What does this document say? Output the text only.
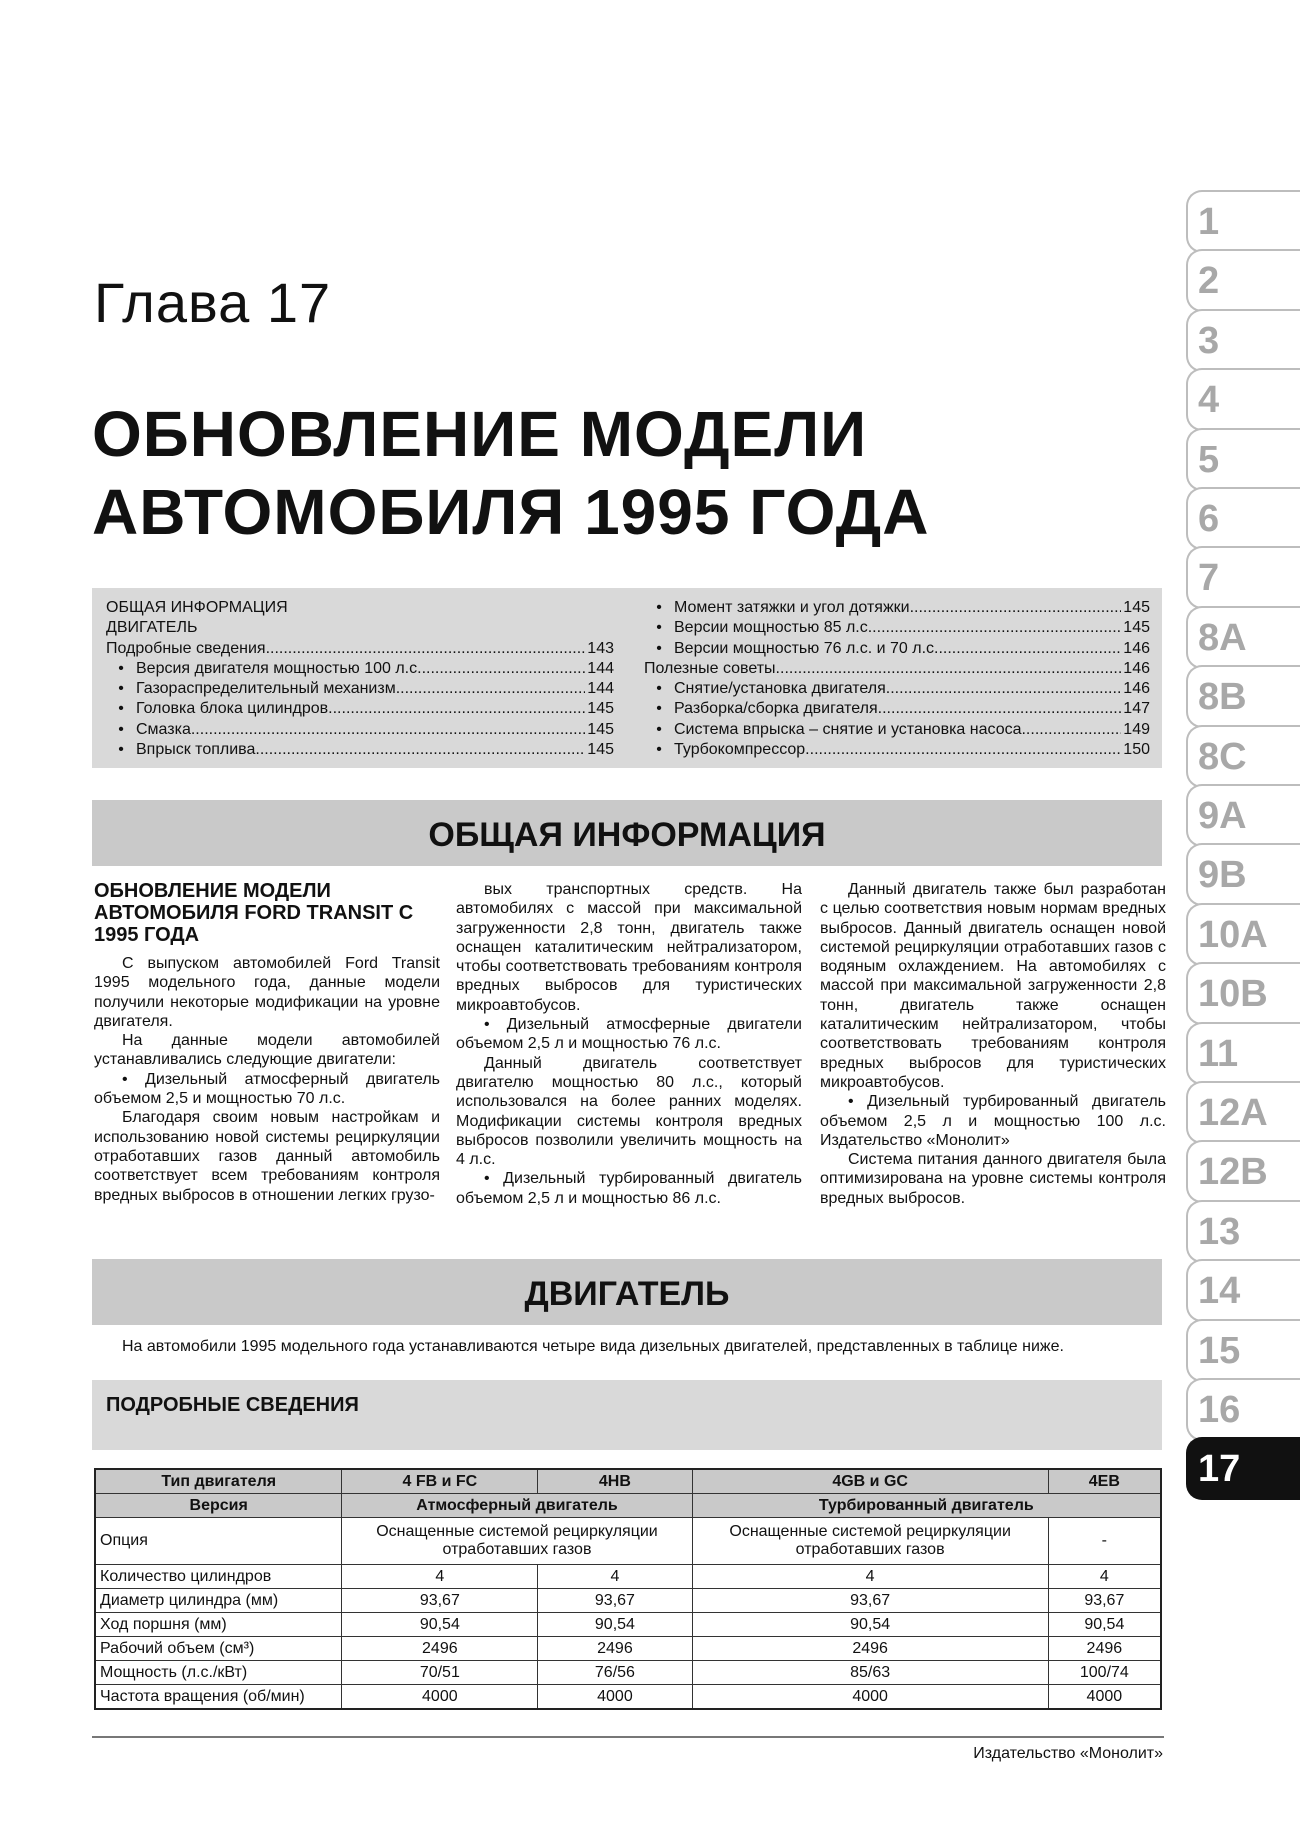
Глава 17
ОБНОВЛЕНИЕ МОДЕЛИ
АВТОМОБИЛЯ 1995 ГОДА
ОБЩАЯ ИНФОРМАЦИЯ
ДВИГАТЕЛЬ
Подробные сведения .....	143
• Версия двигателя мощностью 100 л.с. .....	144
• Газораспределительный механизм .....	144
• Головка блока цилиндров .....	145
• Смазка .....	145
• Впрыск топлива .....	145
• Момент затяжки и угол дотяжки .....	145
• Версии мощностью 85 л.с. .....	145
• Версии мощностью 76 л.с. и 70 л.с. .....	146
Полезные советы .....	146
• Снятие/установка двигателя .....	146
• Разборка/сборка двигателя .....	147
• Система впрыска – снятие и установка насоса .....	149
• Турбокомпрессор .....	150
ОБЩАЯ ИНФОРМАЦИЯ

ОБНОВЛЕНИЕ МОДЕЛИ АВТОМОБИЛЯ FORD TRANSIT С 1995 ГОДА

С выпуском автомобилей Ford Transit 1995 модельного года, данные модели получили некоторые модификации на уровне двигателя.

На данные модели автомобилей устанавливались следующие двигатели:

• Дизельный атмосферный двигатель объемом 2,5 и мощностью 70 л.с.

Благодаря своим новым настройкам и использованию новой системы рециркуляции отработавших газов данный автомобиль соответствует всем требованиям контроля вредных выбросов в отношении легких грузо-

вых транспортных средств. На автомобилях с массой при максимальной загруженности 2,8 тонн, двигатель также оснащен каталитическим нейтрализатором, чтобы соответствовать требованиям контроля вредных выбросов для туристических микроавтобусов.

• Дизельный атмосферные двигатели объемом 2,5 л и мощностью 76 л.с.

Данный двигатель соответствует двигателю мощностью 80 л.с., который использовался на более ранних моделях. Модификации системы контроля вредных выбросов позволили увеличить мощность на 4 л.с.

• Дизельный турбированный двигатель объемом 2,5 л и мощностью 86 л.с.

Данный двигатель также был разработан с целью соответствия новым нормам вредных выбросов. Данный двигатель оснащен новой системой рециркуляции отработавших газов с водяным охлаждением. На автомобилях с массой при максимальной загруженности 2,8 тонн, двигатель также оснащен каталитическим нейтрализатором, чтобы соответствовать требованиям контроля вредных выбросов для туристических микроавтобусов.

• Дизельный турбированный двигатель объемом 2,5 л и мощностью 100 л.с. Издательство «Монолит»

Система питания данного двигателя была оптимизирована на уровне системы контроля вредных выбросов.

ДВИГАТЕЛЬ
На автомобили 1995 модельного года устанавливаются четыре вида дизельных двигателей, представленных в таблице ниже.
ПОДРОБНЫЕ СВЕДЕНИЯ
Тип двигателя	4 FB и FC	4HB	4GB и GC	4EB
Версия	Атмосферный двигатель		Турбированный двигатель	
Опция	Оснащенные системой рециркуляции отработавших газов		Оснащенные системой рециркуляции отработавших газов	-
Количество цилиндров	4	4	4	4
Диаметр цилиндра (мм)	93,67	93,67	93,67	93,67
Ход поршня (мм)	90,54	90,54	90,54	90,54
Рабочий объем (см³)	2496	2496	2496	2496
Мощность (л.с./кВт)	70/51	76/56	85/63	100/74
Частота вращения (об/мин)	4000	4000	4000	4000
Издательство «Монолит»
1
2
3
4
5
6
7
8A
8B
8C
9A
9B
10A
10B
11
12A
12B
13
14
15
16
17
